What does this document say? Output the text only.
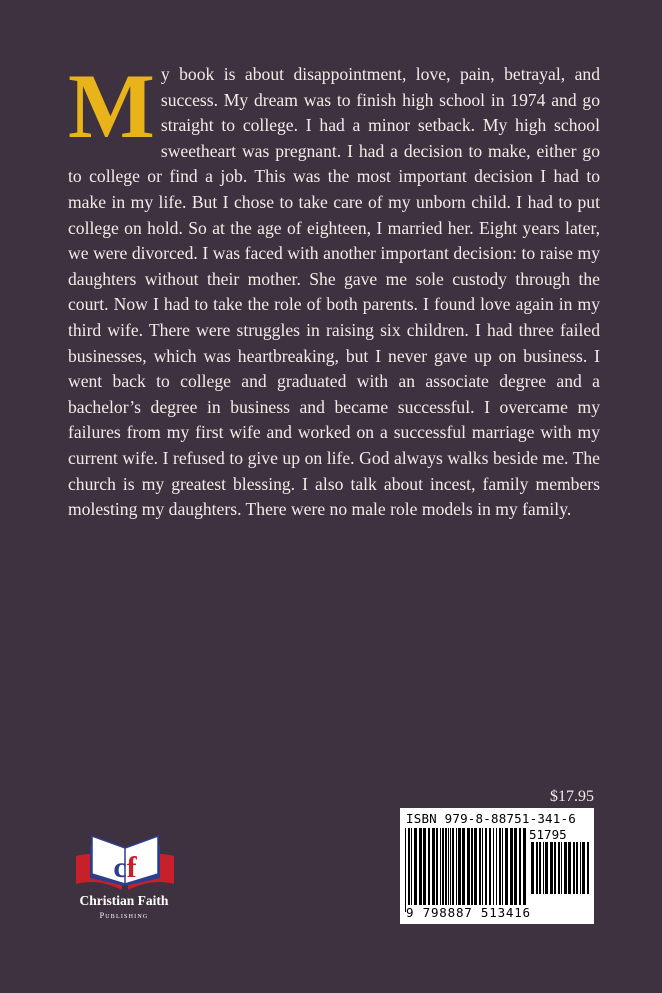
My book is about disappointment, love, pain, betrayal, and success. My dream was to finish high school in 1974 and go straight to college. I had a minor setback. My high school sweetheart was pregnant. I had a decision to make, either go to college or find a job. This was the most important decision I had to make in my life. But I chose to take care of my unborn child. I had to put college on hold. So at the age of eighteen, I married her. Eight years later, we were divorced. I was faced with another important decision: to raise my daughters without their mother. She gave me sole custody through the court. Now I had to take the role of both parents. I found love again in my third wife. There were struggles in raising six children. I had three failed businesses, which was heartbreaking, but I never gave up on business. I went back to college and graduated with an associate degree and a bachelor’s degree in business and became successful. I overcame my failures from my first wife and worked on a successful marriage with my current wife. I refused to give up on life. God always walks beside me. The church is my greatest blessing. I also talk about incest, family members molesting my daughters. There were no male role models in my family.

$17.95
ISBN 979-8-88751-341-6
51795
9 798887 513416
cf
Christian Faith
Publishing
